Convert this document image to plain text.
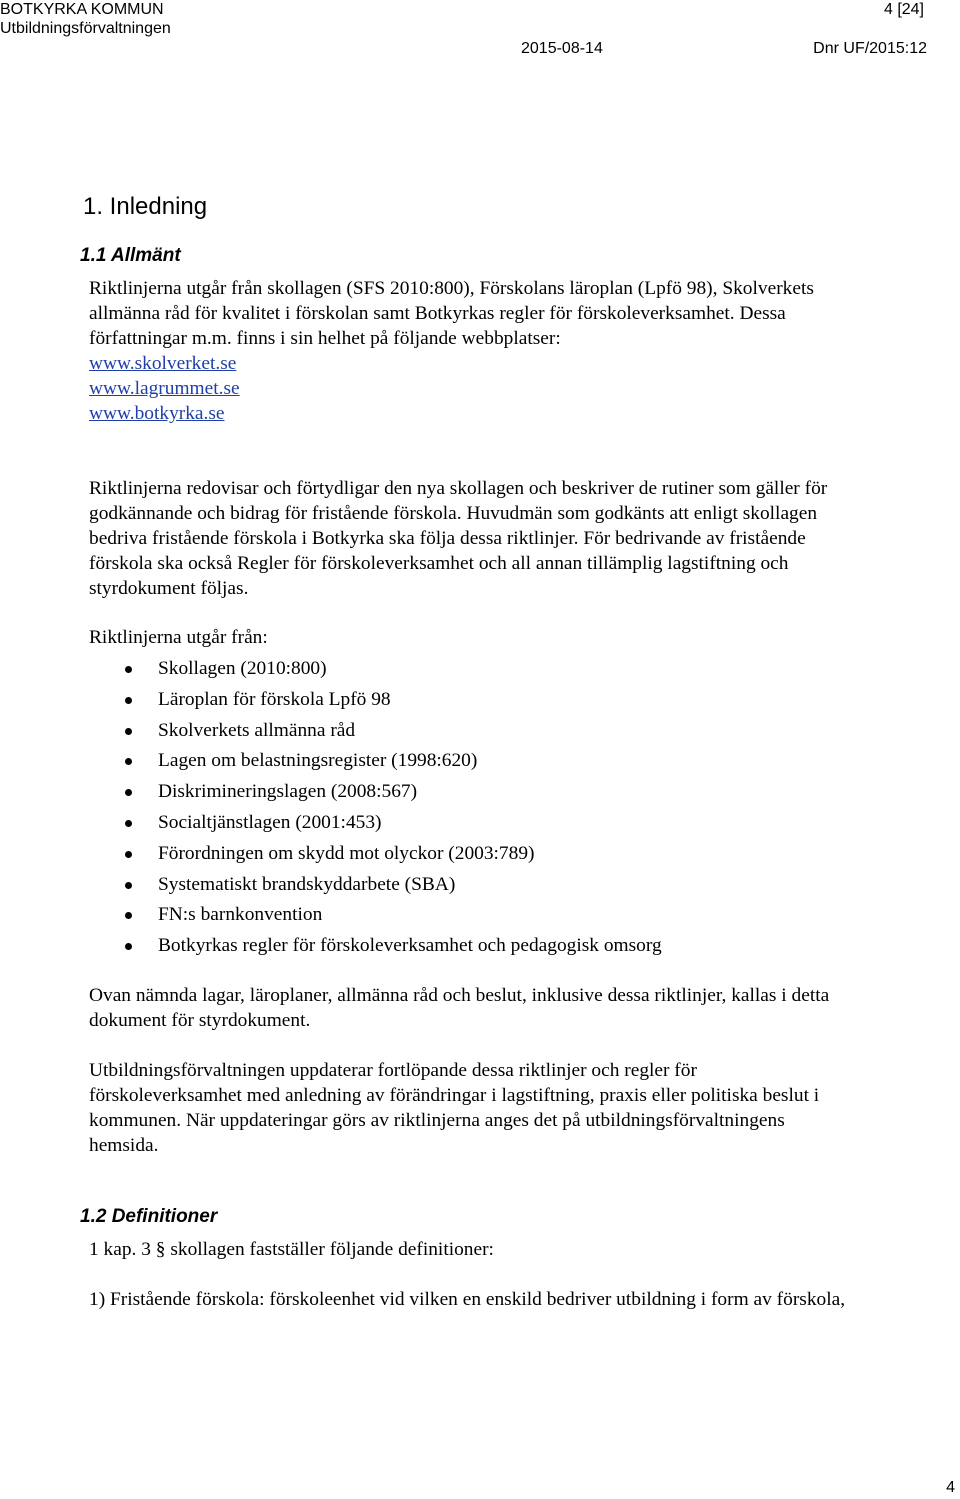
BOTKYRKA KOMMUN
Utbildningsförvaltningen
4 [24]
2015-08-14	Dnr UF/2015:12
1. Inledning
1.1 Allmänt

Riktlinjerna utgår från skollagen (SFS 2010:800), Förskolans läroplan (Lpfö 98), Skolverkets allmänna råd för kvalitet i förskolan samt Botkyrkas regler för förskoleverksamhet. Dessa författningar m.m. finns i sin helhet på följande webbplatser:

www.skolverket.se
www.lagrummet.se
www.botkyrka.se

Riktlinjerna redovisar och förtydligar den nya skollagen och beskriver de rutiner som gäller för godkännande och bidrag för fristående förskola. Huvudmän som godkänts att enligt skollagen bedriva fristående förskola i Botkyrka ska följa dessa riktlinjer. För bedrivande av fristående förskola ska också Regler för förskoleverksamhet och all annan tillämplig lagstiftning och styrdokument följas.

Riktlinjerna utgår från:

Skollagen (2010:800)
Läroplan för förskola Lpfö 98
Skolverkets allmänna råd
Lagen om belastningsregister (1998:620)
Diskrimineringslagen (2008:567)
Socialtjänstlagen (2001:453)
Förordningen om skydd mot olyckor (2003:789)
Systematiskt brandskyddarbete (SBA)
FN:s barnkonvention
Botkyrkas regler för förskoleverksamhet och pedagogisk omsorg

Ovan nämnda lagar, läroplaner, allmänna råd och beslut, inklusive dessa riktlinjer, kallas i detta dokument för styrdokument.

Utbildningsförvaltningen uppdaterar fortlöpande dessa riktlinjer och regler för förskoleverksamhet med anledning av förändringar i lagstiftning, praxis eller politiska beslut i kommunen. När uppdateringar görs av riktlinjerna anges det på utbildningsförvaltningens hemsida.

1.2 Definitioner

1 kap. 3 § skollagen fastställer följande definitioner:

1) Fristående förskola: förskoleenhet vid vilken en enskild bedriver utbildning i form av förskola,

4
